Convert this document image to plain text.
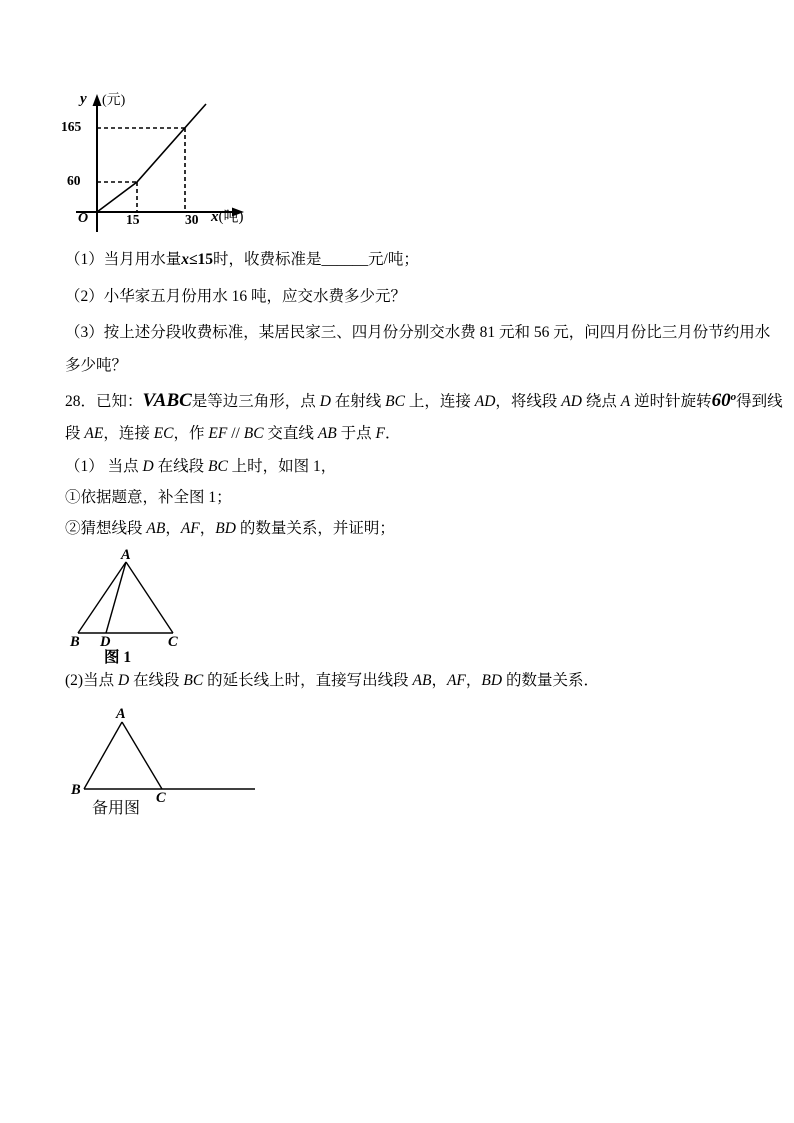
y (元)
165
60
O	15	30 x(吨)
（1）当月用水量x≤15时，收费标准是______元/吨；
（2）小华家五月份用水 16 吨，应交水费多少元？
（3）按上述分段收费标准，某居民家三、四月份分别交水费 81 元和 56 元，问四月份比三月份节约用水
多少吨？
28．已知：VABC是等边三角形，点 D 在射线 BC 上，连接 AD，将线段 AD 绕点 A 逆时针旋转60$^o$得到线
段 AE，连接 EC，作 EF // BC 交直线 AB 于点 F．
（1） 当点 D 在线段 BC 上时，如图 1，
①依据题意，补全图 1；
②猜想线段 AB，AF，BD 的数量关系，并证明；
A
B D	C
图 1
(2)当点 D 在线段 BC 的延长线上时，直接写出线段 AB，AF，BD 的数量关系．
A
B	C
备用图
